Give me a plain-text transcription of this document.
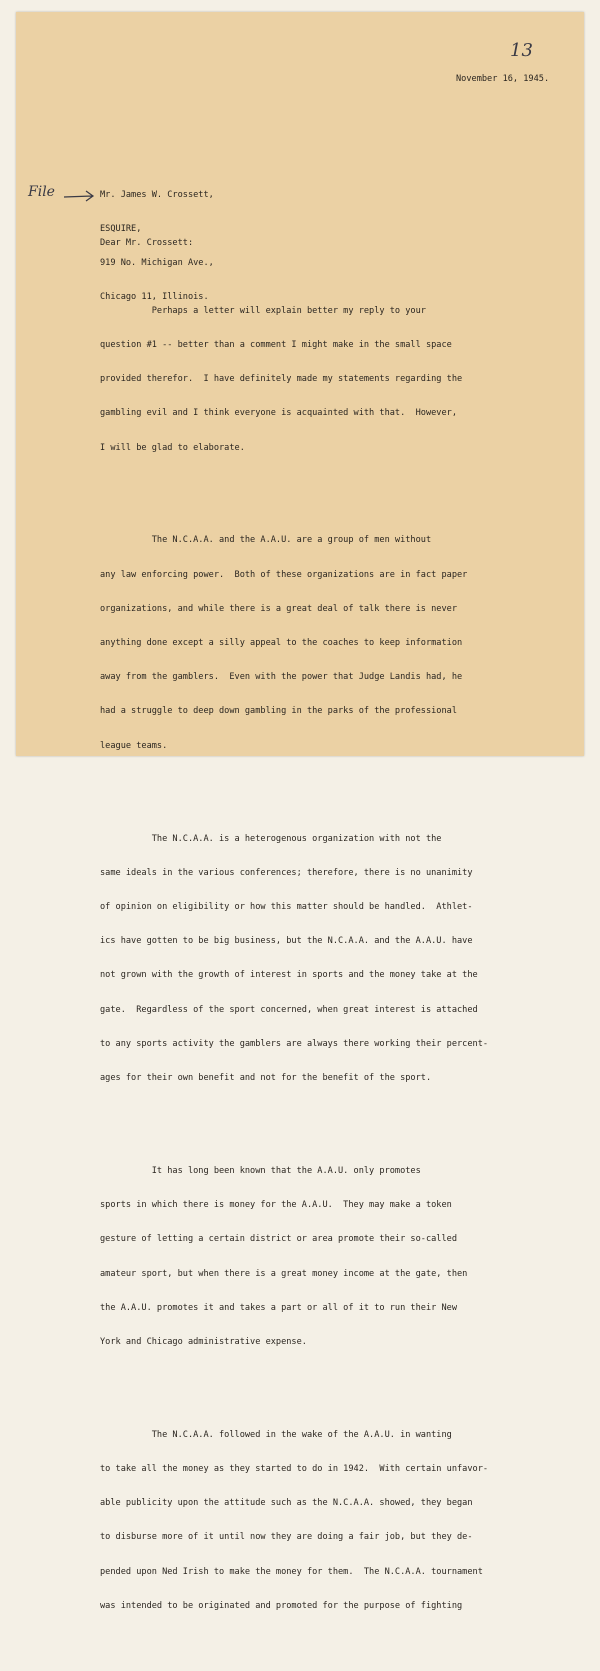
13
November 16, 1945.
File

	Mr. James W. Crossett,

ESQUIRE,

919 No. Michigan Ave.,

Chicago 11, Illinois.

Dear Mr. Crossett:

Perhaps a letter will explain better my reply to your

question #1 -- better than a comment I might make in the small space

provided therefor.  I have definitely made my statements regarding the

gambling evil and I think everyone is acquainted with that.  However,

I will be glad to elaborate.

The N.C.A.A. and the A.A.U. are a group of men without

any law enforcing power.  Both of these organizations are in fact paper

organizations, and while there is a great deal of talk there is never

anything done except a silly appeal to the coaches to keep information

away from the gamblers.  Even with the power that Judge Landis had, he

had a struggle to deep down gambling in the parks of the professional

league teams.

The N.C.A.A. is a heterogenous organization with not the

same ideals in the various conferences; therefore, there is no unanimity

of opinion on eligibility or how this matter should be handled.  Athlet-

ics have gotten to be big business, but the N.C.A.A. and the A.A.U. have

not grown with the growth of interest in sports and the money take at the

gate.  Regardless of the sport concerned, when great interest is attached

to any sports activity the gamblers are always there working their percent-

ages for their own benefit and not for the benefit of the sport.

It has long been known that the A.A.U. only promotes

sports in which there is money for the A.A.U.  They may make a token

gesture of letting a certain district or area promote their so-called

amateur sport, but when there is a great money income at the gate, then

the A.A.U. promotes it and takes a part or all of it to run their New

York and Chicago administrative expense.

The N.C.A.A. followed in the wake of the A.A.U. in wanting

to take all the money as they started to do in 1942.  With certain unfavor-

able publicity upon the attitude such as the N.C.A.A. showed, they began

to disburse more of it until now they are doing a fair job, but they de-

pended upon Ned Irish to make the money for them.  The N.C.A.A. tournament

was intended to be originated and promoted for the purpose of fighting
